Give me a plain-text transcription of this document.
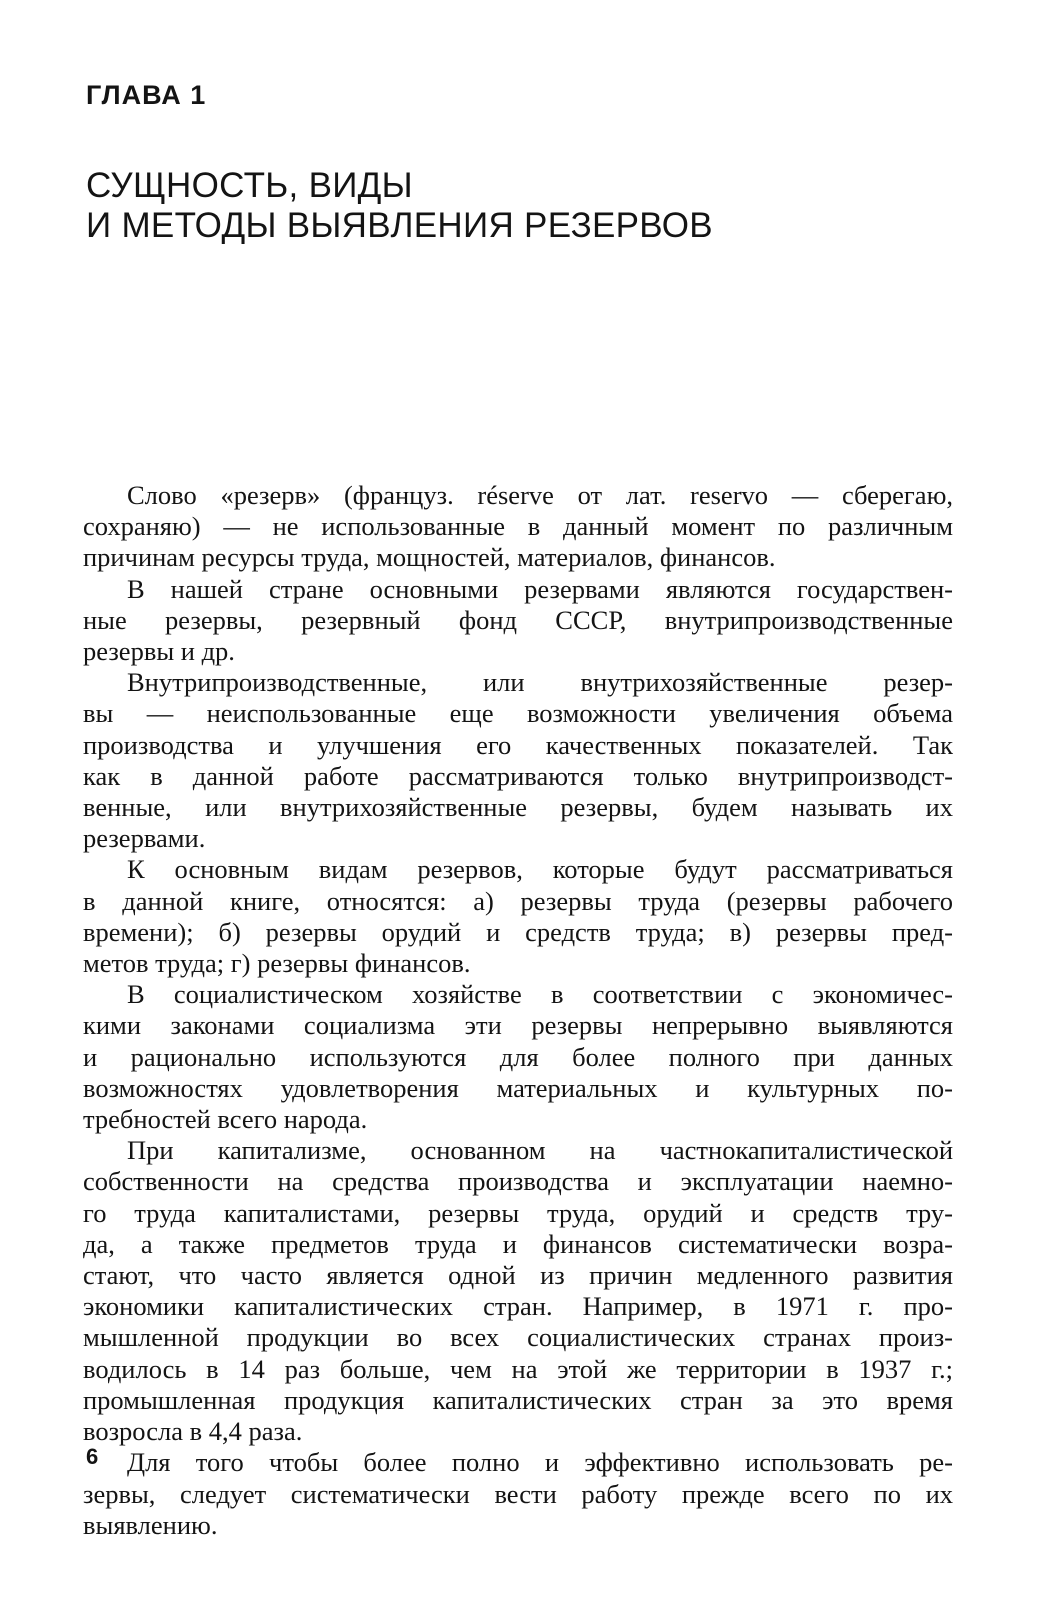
ГЛАВА 1
СУЩНОСТЬ, ВИДЫ
И МЕТОДЫ ВЫЯВЛЕНИЯ РЕЗЕРВОВ

Слово «резерв» (француз. réserve от лат. reservo — сберегаю,
сохраняю) — не использованные в данный момент по различным
причинам ресурсы труда, мощностей, материалов, финансов.

В нашей стране основными резервами являются государствен-
ные резервы, резервный фонд СССР, внутрипроизводственные
резервы и др.

Внутрипроизводственные, или внутрихозяйственные резер-
вы — неиспользованные еще возможности увеличения объема
производства и улучшения его качественных показателей. Так
как в данной работе рассматриваются только внутрипроизводст-
венные, или внутрихозяйственные резервы, будем называть их
резервами.

К основным видам резервов, которые будут рассматриваться
в данной книге, относятся: а) резервы труда (резервы рабочего
времени); б) резервы орудий и средств труда; в) резервы пред-
метов труда; г) резервы финансов.

В социалистическом хозяйстве в соответствии с экономичес-
кими законами социализма эти резервы непрерывно выявляются
и рационально используются для более полного при данных
возможностях удовлетворения материальных и культурных по-
требностей всего народа.

При капитализме, основанном на частнокапиталистической
собственности на средства производства и эксплуатации наемно-
го труда капиталистами, резервы труда, орудий и средств тру-
да, а также предметов труда и финансов систематически возра-
стают, что часто является одной из причин медленного развития
экономики капиталистических стран. Например, в 1971 г. про-
мышленной продукции во всех социалистических странах произ-
водилось в 14 раз больше, чем на этой же территории в 1937 г.;
промышленная продукция капиталистических стран за это время
возросла в 4,4 раза.

Для того чтобы более полно и эффективно использовать ре-
зервы, следует систематически вести работу прежде всего по их
выявлению.

6
